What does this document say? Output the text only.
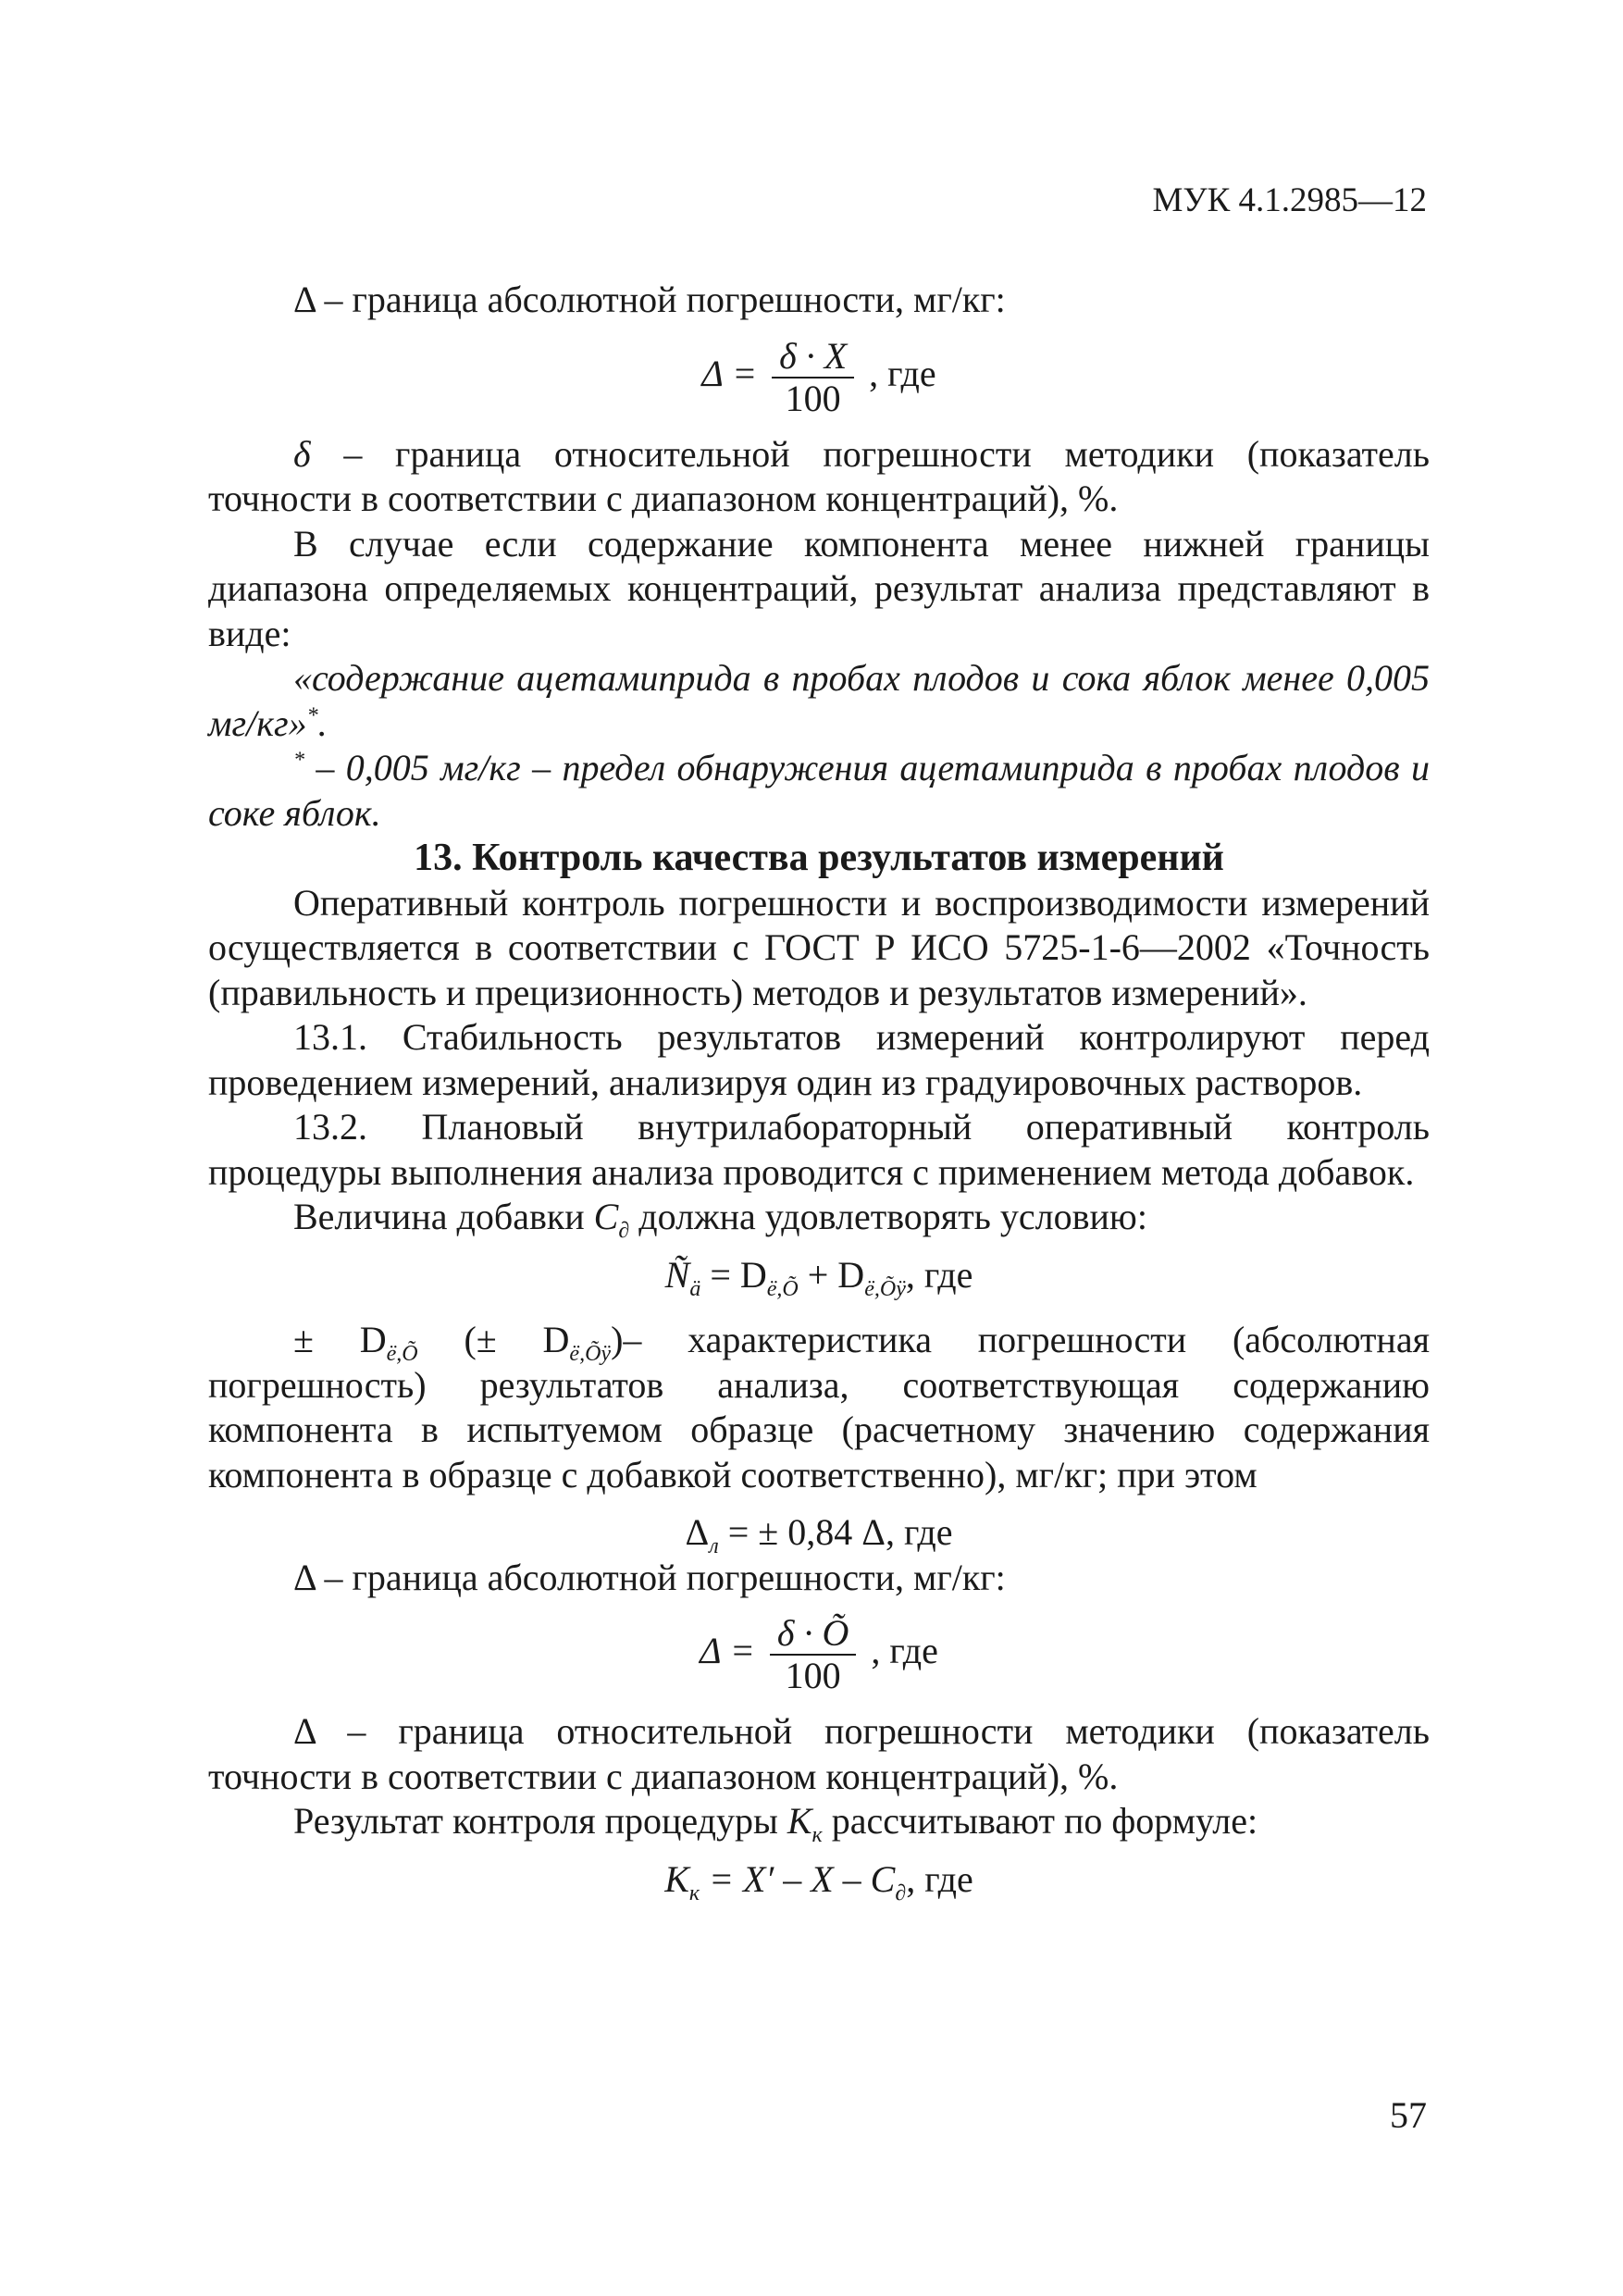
МУК 4.1.2985—12

Δ – граница абсолютной погрешности, мг/кг:

$\Delta = \frac{\delta \cdot X}{100}$ , где

δ – граница относительной погрешности методики (показатель точности в соответствии с диапазоном концентраций), %.

В случае если содержание компонента менее нижней границы диапазона определяемых концентраций, результат анализа представляют в виде:

«содержание ацетамиприда в пробах плодов и сока яблок менее 0,005 мг/кг»*.

* – 0,005 мг/кг – предел обнаружения ацетамиприда в пробах плодов и соке яблок.

13. Контроль качества результатов измерений

Оперативный контроль погрешности и воспроизводимости измерений осуществляется в соответствии с ГОСТ Р ИСО 5725-1-6—2002 «Точность (правильность и прецизионность) методов и результатов измерений».

13.1. Стабильность результатов измерений контролируют перед проведением измерений, анализируя один из градуировочных растворов.

13.2. Плановый внутрилабораторный оперативный контроль процедуры выполнения анализа проводится с применением метода добавок.

Величина добавки $C_\partial$ должна удовлетворять условию:

$Ñ_ä = D_{ë,Õ} + D_{ë,Õÿ}$, где

± $D_{ë,Õ}$ (± $D_{ë,Õÿ})-$ характеристика погрешности (абсолютная погрешность) результатов анализа, соответствующая содержанию компонента в испытуемом образце (расчетному значению содержания компонента в образце с добавкой соответственно), мг/кг; при этом

$\Delta_л$ = ± 0,84 Δ, где

Δ – граница абсолютной погрешности, мг/кг:

$\Delta = \frac{\delta \cdot Õ}{100}$ , где

Δ – граница относительной погрешности методики (показатель точности в соответствии с диапазоном концентраций), %.

Результат контроля процедуры $К_к$ рассчитывают по формуле:

$К_к = X' - X - C_\partial$, где

57
